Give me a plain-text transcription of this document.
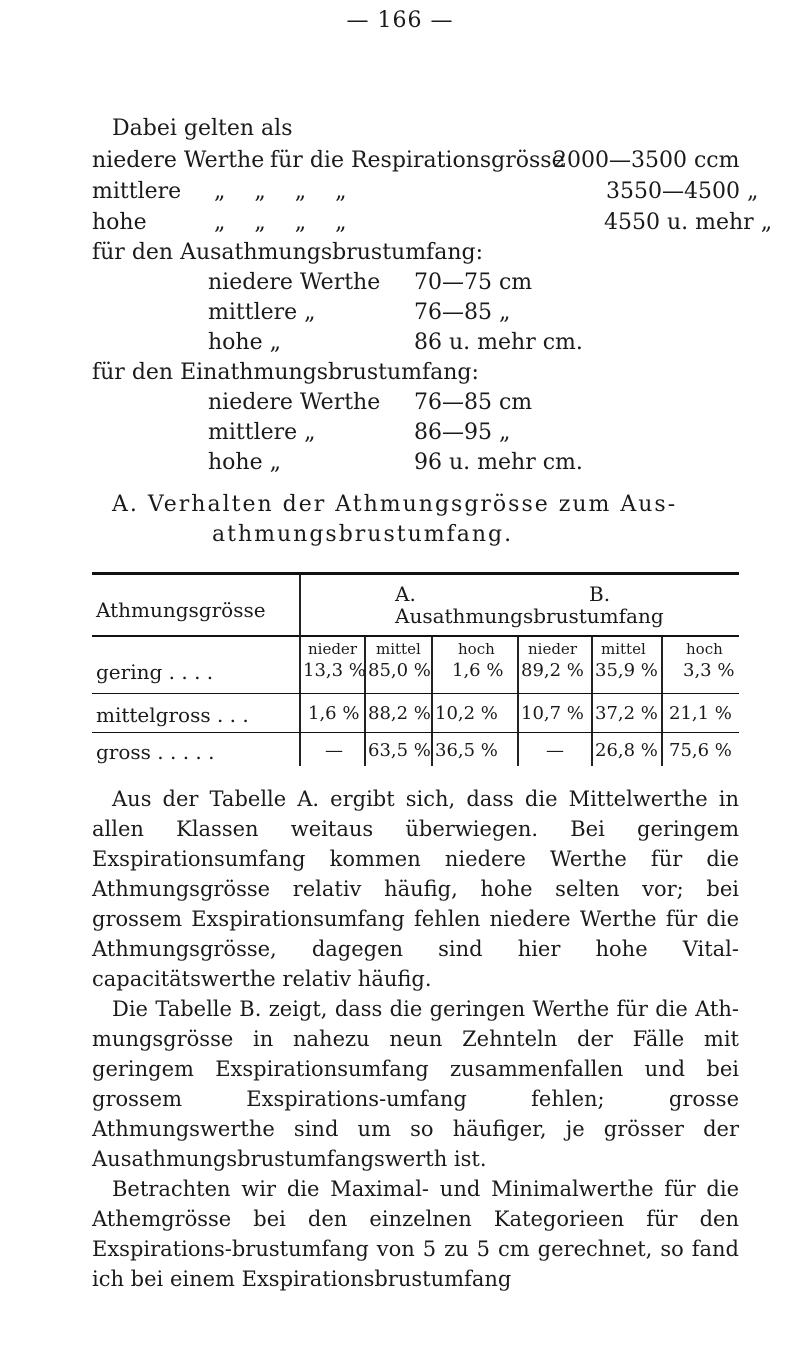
— 166 —
Dabei gelten als
niedere Werthe für die Respirationsgrösse
2000—3500 ccm
mittlere „ „ „ „	3550—4500 „
hohe	„ „ „ „	4550 u. mehr „
für den Ausathmungsbrustumfang:
niedere Werthe 70—75 cm
mittlere „	76—85 „
hohe „	86 u. mehr cm.
für den Einathmungsbrustumfang:
niedere Werthe 76—85 cm
mittlere „	86—95 „
hohe „	96 u. mehr cm.
A. Verhalten der Athmungsgrösse zum Aus-
athmungsbrustumfang.
Athmungsgrösse
A.	B.
Ausathmungsbrustumfang
nieder mittel hoch nieder mittel	hoch
gering . . . .	13,3 % 85,0 % 1,6 % 89,2 % 35,9 % 3,3 %
mittelgross . . .	1,6 % 88,2 % 10,2 % 10,7 % 37,2 % 21,1 %
gross . . . . .	— 63,5 % 36,5 %	— 26,8 % 75,6 %

Aus der Tabelle A. ergibt sich, dass die Mittelwerthe in allen Klassen weitaus überwiegen. Bei geringem Exspirationsumfang kommen niedere Werthe für die Athmungsgrösse relativ häufig, hohe selten vor; bei grossem Exspirationsumfang fehlen niedere Werthe für die Athmungsgrösse, dagegen sind hier hohe Vital-capacitätswerthe relativ häufig.

Die Tabelle B. zeigt, dass die geringen Werthe für die Ath-mungsgrösse in nahezu neun Zehnteln der Fälle mit geringem Exspirationsumfang zusammenfallen und bei grossem Exspirations-umfang fehlen; grosse Athmungswerthe sind um so häufiger, je grösser der Ausathmungsbrustumfangswerth ist.

Betrachten wir die Maximal- und Minimalwerthe für die Athemgrösse bei den einzelnen Kategorieen für den Exspirations-brustumfang von 5 zu 5 cm gerechnet, so fand ich bei einem Exspirationsbrustumfang
